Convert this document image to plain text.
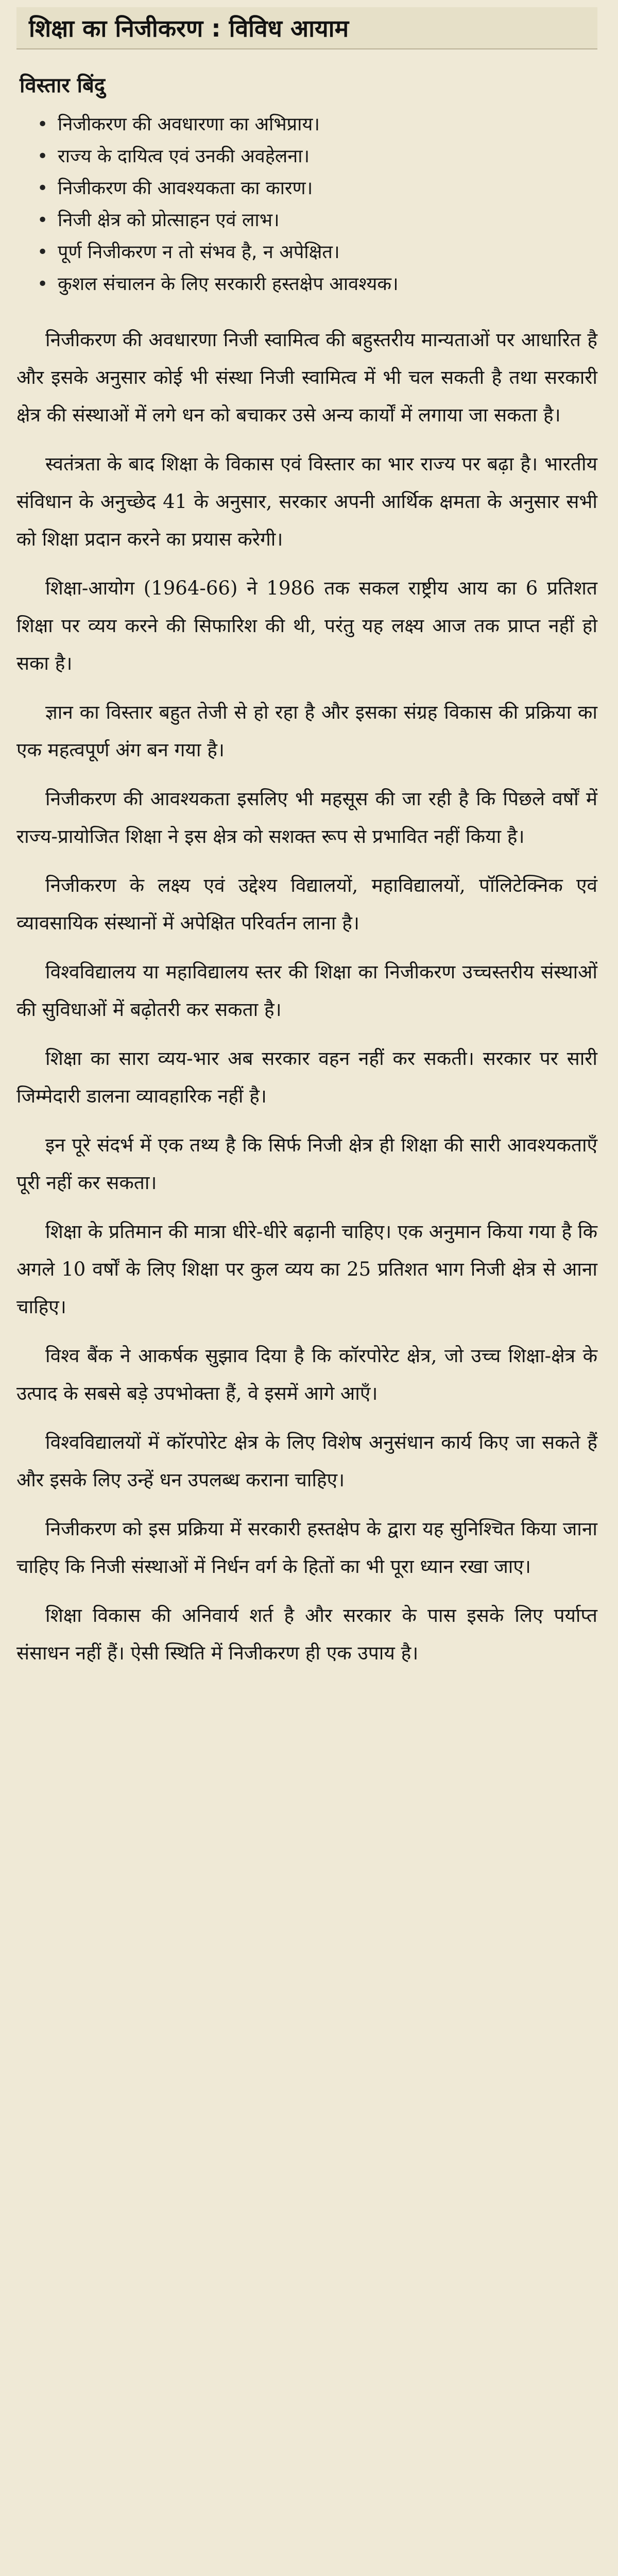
शिक्षा का निजीकरण : विविध आयाम
विस्तार बिंदु
• निजीकरण की अवधारणा का अभिप्राय।
• राज्य के दायित्व एवं उनकी अवहेलना।
• निजीकरण की आवश्यकता का कारण।
• निजी क्षेत्र को प्रोत्साहन एवं लाभ।
• पूर्ण निजीकरण न तो संभव है, न अपेक्षित।
• कुशल संचालन के लिए सरकारी हस्तक्षेप आवश्यक।

निजीकरण की अवधारणा निजी स्वामित्व की बहुस्तरीय मान्यताओं पर आधारित है और इसके अनुसार कोई भी संस्था निजी स्वामित्व में भी चल सकती है तथा सरकारी क्षेत्र की संस्थाओं में लगे धन को बचाकर उसे अन्य कार्यों में लगाया जा सकता है।

स्वतंत्रता के बाद शिक्षा के विकास एवं विस्तार का भार राज्य पर बढ़ा है। भारतीय संविधान के अनुच्छेद 41 के अनुसार, सरकार अपनी आर्थिक क्षमता के अनुसार सभी को शिक्षा प्रदान करने का प्रयास करेगी।

शिक्षा-आयोग (1964-66) ने 1986 तक सकल राष्ट्रीय आय का 6 प्रतिशत शिक्षा पर व्यय करने की सिफारिश की थी, परंतु यह लक्ष्य आज तक प्राप्त नहीं हो सका है।

ज्ञान का विस्तार बहुत तेजी से हो रहा है और इसका संग्रह विकास की प्रक्रिया का एक महत्वपूर्ण अंग बन गया है।

निजीकरण की आवश्यकता इसलिए भी महसूस की जा रही है कि पिछले वर्षों में राज्य-प्रायोजित शिक्षा ने इस क्षेत्र को सशक्त रूप से प्रभावित नहीं किया है।

निजीकरण के लक्ष्य एवं उद्देश्य विद्यालयों, महाविद्यालयों, पॉलिटेक्निक एवं व्यावसायिक संस्थानों में अपेक्षित परिवर्तन लाना है।

विश्वविद्यालय या महाविद्यालय स्तर की शिक्षा का निजीकरण उच्चस्तरीय संस्थाओं की सुविधाओं में बढ़ोतरी कर सकता है।

शिक्षा का सारा व्यय-भार अब सरकार वहन नहीं कर सकती। सरकार पर सारी जिम्मेदारी डालना व्यावहारिक नहीं है।

इन पूरे संदर्भ में एक तथ्य है कि सिर्फ निजी क्षेत्र ही शिक्षा की सारी आवश्यकताएँ पूरी नहीं कर सकता।

शिक्षा के प्रतिमान की मात्रा धीरे-धीरे बढ़ानी चाहिए। एक अनुमान किया गया है कि अगले 10 वर्षों के लिए शिक्षा पर कुल व्यय का 25 प्रतिशत भाग निजी क्षेत्र से आना चाहिए।

विश्व बैंक ने आकर्षक सुझाव दिया है कि कॉरपोरेट क्षेत्र, जो उच्च शिक्षा-क्षेत्र के उत्पाद के सबसे बड़े उपभोक्ता हैं, वे इसमें आगे आएँ।

विश्वविद्यालयों में कॉरपोरेट क्षेत्र के लिए विशेष अनुसंधान कार्य किए जा सकते हैं और इसके लिए उन्हें धन उपलब्ध कराना चाहिए।

निजीकरण को इस प्रक्रिया में सरकारी हस्तक्षेप के द्वारा यह सुनिश्चित किया जाना चाहिए कि निजी संस्थाओं में निर्धन वर्ग के हितों का भी पूरा ध्यान रखा जाए।

शिक्षा विकास की अनिवार्य शर्त है और सरकार के पास इसके लिए पर्याप्त संसाधन नहीं हैं। ऐसी स्थिति में निजीकरण ही एक उपाय है।
